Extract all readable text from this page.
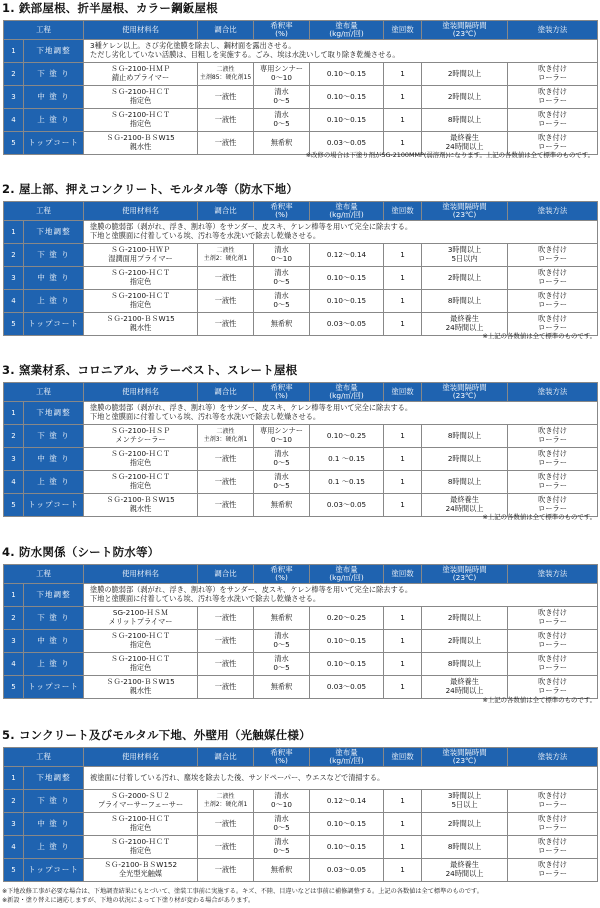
1. 鉄部屋根、折半屋根、カラー鋼鈑屋根
工程		使用材料名	調合比	希釈率
(%)	塗布量
(kg/㎡/回)	塗回数	塗装間隔時間
(23℃)	塗装方法
1	下地調整	3種ケレン以上。さび劣化塗膜を除去し、鋼材面を露出させる。
ただし劣化していない活膜は、目粗しを実施する。ごみ、埃は水洗いして取り除き乾燥させる。						
2	下 塗 り	ＳＧ-2100-ＨＭＰ
錆止めプライマー	二液性
主剤85：硬化剤15	専用シンナー
0〜10	0.10〜0.15	1	2時間以上	吹き付け
ローラー
3	中 塗 り	ＳＧ-2100-ＨＣＴ
指定色	一液性	清水
0〜5	0.10〜0.15	1	2時間以上	吹き付け
ローラー
4	上 塗 り	ＳＧ-2100-ＨＣＴ
指定色	一液性	清水
0〜5	0.10〜0.15	1	8時間以上	吹き付け
ローラー
5	トップコート	ＳＧ-2100-ＢＳW15
親水性	一液性	無希釈	0.03〜0.05	1	最終養生
24時間以上	吹き付け
ローラー
※改修の場合は下塗り剤がSG-2100MMP(弱溶剤)になります。上記の各数値は全て標準のものです。
2. 屋上部、押えコンクリート、モルタル等（防水下地）
工程		使用材料名	調合比	希釈率
(%)	塗布量
(kg/㎡/回)	塗回数	塗装間隔時間
(23℃)	塗装方法
1	下地調整	塗膜の脆弱部（剥がれ、浮き、割れ等）をサンダー、皮スキ、ケレン棒等を用いて完全に除去する。
下地と塗膜面に付着している埃、汚れ等を水洗いで除去し乾燥させる。						
2	下 塗 り	ＳＧ-2100-ＨＷＰ
湿潤面用プライマー	二液性
主剤2：硬化剤1	清水
0〜10	0.12〜0.14	1	3時間以上
5日以内	吹き付け
ローラー
3	中 塗 り	ＳＧ-2100-ＨＣＴ
指定色	一液性	清水
0〜5	0.10〜0.15	1	2時間以上	吹き付け
ローラー
4	上 塗 り	ＳＧ-2100-ＨＣＴ
指定色	一液性	清水
0〜5	0.10〜0.15	1	8時間以上	吹き付け
ローラー
5	トップコート	ＳＧ-2100-ＢＳW15
親水性	一液性	無希釈	0.03〜0.05	1	最終養生
24時間以上	吹き付け
ローラー
※上記の各数値は全て標準のものです。
3. 窯業材系、コロニアル、カラーベスト、スレート屋根
工程		使用材料名	調合比	希釈率
(%)	塗布量
(kg/㎡/回)	塗回数	塗装間隔時間
(23℃)	塗装方法
1	下地調整	塗膜の脆弱部（剥がれ、浮き、割れ等）をサンダー、皮スキ、ケレン棒等を用いて完全に除去する。
下地と塗膜面に付着している埃、汚れ等を水洗いで除去し乾燥させる。						
2	下 塗 り	ＳＧ-2100-ＨＳＰ
メンテシーラー	二液性
主剤3：硬化剤1	専用シンナー
0〜10	0.10〜0.25	1	8時間以上	吹き付け
ローラー
3	中 塗 り	ＳＧ-2100-ＨＣＴ
指定色	一液性	清水
0〜5	0.1 〜0.15	1	2時間以上	吹き付け
ローラー
4	上 塗 り	ＳＧ-2100-ＨＣＴ
指定色	一液性	清水
0〜5	0.1 〜0.15	1	8時間以上	吹き付け
ローラー
5	トップコート	ＳＧ-2100-ＢＳW15
親水性	一液性	無希釈	0.03〜0.05	1	最終養生
24時間以上	吹き付け
ローラー
※上記の各数値は全て標準のものです。
4. 防水関係（シート防水等）
工程		使用材料名	調合比	希釈率
(%)	塗布量
(kg/㎡/回)	塗回数	塗装間隔時間
(23℃)	塗装方法
1	下地調整	塗膜の脆弱部（剥がれ、浮き、割れ等）をサンダー、皮スキ、ケレン棒等を用いて完全に除去する。
下地と塗膜面に付着している埃、汚れ等を水洗いで除去し乾燥させる。						
2	下 塗 り	SG-2100-ＨＳＭ
メリットプライマー	一液性	無希釈	0.20〜0.25	1	2時間以上	吹き付け
ローラー
3	中 塗 り	ＳＧ-2100-ＨＣＴ
指定色	一液性	清水
0〜5	0.10〜0.15	1	2時間以上	吹き付け
ローラー
4	上 塗 り	ＳＧ-2100-ＨＣＴ
指定色	一液性	清水
0〜5	0.10〜0.15	1	8時間以上	吹き付け
ローラー
5	トップコート	ＳＧ-2100-ＢＳW15
親水性	一液性	無希釈	0.03〜0.05	1	最終養生
24時間以上	吹き付け
ローラー
※上記の各数値は全て標準のものです。
5. コンクリート及びモルタル下地、外壁用（光触媒仕様）
工程		使用材料名	調合比	希釈率
(%)	塗布量
(kg/㎡/回)	塗回数	塗装間隔時間
(23℃)	塗装方法
1	下地調整	被塗面に付着している汚れ、塵埃を除去した後、サンドペーパー、ウエスなどで清掃する。						
2	下 塗 り	ＳＧ-2000-ＳＵ２
プライマーサーフェーサー	二液性
主剤2：硬化剤1	清水
0〜10	0.12〜0.14	1	3時間以上
5日以上	吹き付け
ローラー
3	中 塗 り	ＳＧ-2100-ＨＣＴ
指定色	一液性	清水
0〜5	0.10〜0.15	1	2時間以上	吹き付け
ローラー
4	上 塗 り	ＳＧ-2100-ＨＣＴ
指定色	一液性	清水
0〜5	0.10〜0.15	1	8時間以上	吹き付け
ローラー
5	トップコート	ＳＧ-2100-ＢＳW152
全光型光触媒	一液性	無希釈	0.03〜0.05	1	最終養生
24時間以上	吹き付け
ローラー
※下地改修工事が必要な場合は、下地調査結果にもとづいて、塗装工事前に実施する。キズ、不陸、目違いなどは事前に補修調整する。上記の各数値は全て標準のものです。
※新設・塗り替えに適応しますが、下地の状況によって下塗り材が変わる場合があります。
